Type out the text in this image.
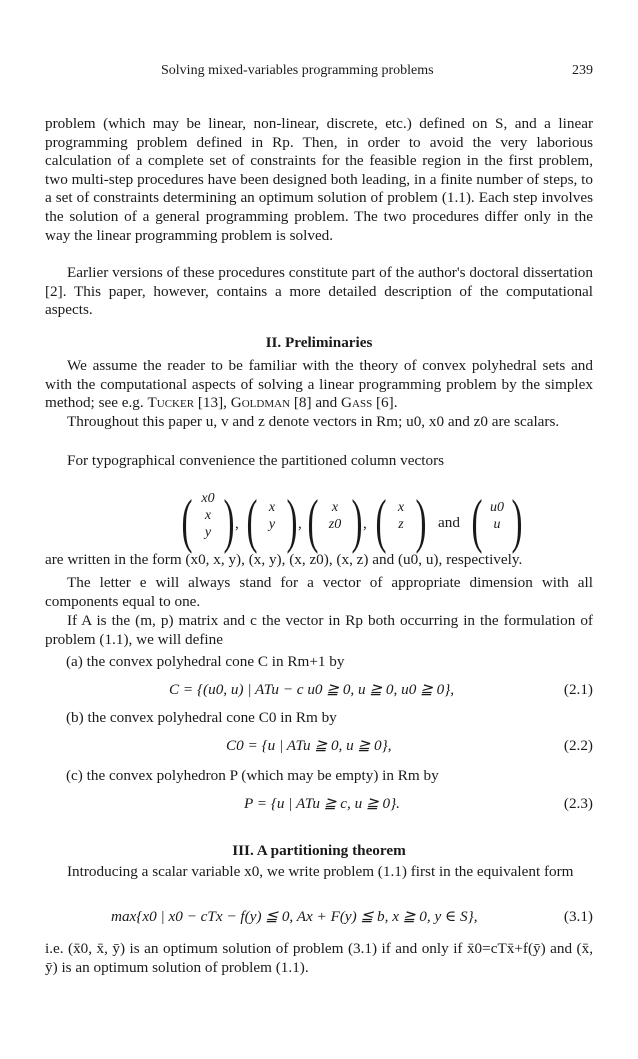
Solving mixed-variables programming problems	239

problem (which may be linear, non-linear, discrete, etc.) defined on S, and a linear programming problem defined in Rp. Then, in order to avoid the very laborious calculation of a complete set of constraints for the feasible region in the first problem, two multi-step procedures have been designed both leading, in a finite number of steps, to a set of constraints determining an optimum solution of problem (1.1). Each step involves the solution of a general programming problem. The two procedures differ only in the way the linear programming problem is solved.

Earlier versions of these procedures constitute part of the author's doctoral dissertation [2]. This paper, however, contains a more detailed description of the computational aspects.

II. Preliminaries

We assume the reader to be familiar with the theory of convex polyhedral sets and with the computational aspects of solving a linear programming problem by the simplex method; see e.g. Tucker [13], Goldman [8] and Gass [6].

Throughout this paper u, v and z denote vectors in Rm; u0, x0 and z0 are scalars.

For typographical convenience the partitioned column vectors

( x0
x
y ) , ( x
y ) , ( x
z0 ) , ( x
z ) and ( u0
u )

are written in the form (x0, x, y), (x, y), (x, z0), (x, z) and (u0, u), respectively.

The letter e will always stand for a vector of appropriate dimension with all components equal to one.

If A is the (m, p) matrix and c the vector in Rp both occurring in the formulation of problem (1.1), we will define

(a) the convex polyhedral cone C in Rm+1 by
C = {(u0, u) | ATu − c u0 ≧ 0, u ≧ 0, u0 ≧ 0},	(2.1)
(b) the convex polyhedral cone C0 in Rm by
C0 = {u | ATu ≧ 0, u ≧ 0},	(2.2)
(c) the convex polyhedron P (which may be empty) in Rm by
P = {u | ATu ≧ c, u ≧ 0}.	(2.3)
III. A partitioning theorem

Introducing a scalar variable x0, we write problem (1.1) first in the equivalent form

max{x0 | x0 − cTx − f(y) ≦ 0, Ax + F(y) ≦ b, x ≧ 0, y ∈ S},	(3.1)

i.e. (x̄0, x̄, ȳ) is an optimum solution of problem (3.1) if and only if x̄0=cTx̄+f(ȳ) and (x̄, ȳ) is an optimum solution of problem (1.1).
